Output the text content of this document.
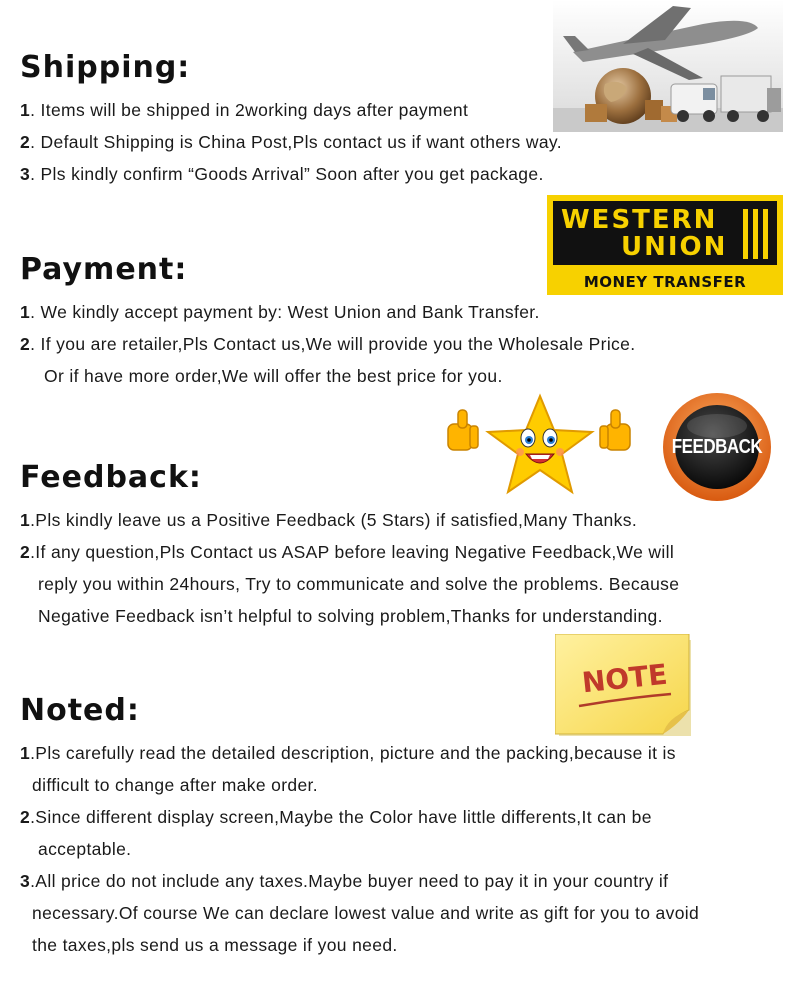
Shipping:

1. Items will be shipped in 2working days after payment

2. Default Shipping is China Post,Pls contact us if want others way.

3. Pls kindly confirm “Goods Arrival” Soon after you get package.

WESTERN
UNION
MONEY TRANSFER
Payment:

1. We kindly accept payment by: West Union and Bank Transfer.

2. If you are retailer,Pls Contact us,We will provide you the Wholesale Price.

Or if have more order,We will offer the best price for you.

FEEDBACK
Feedback:

1.Pls kindly leave us a Positive Feedback (5 Stars) if satisfied,Many Thanks.

2.If any question,Pls Contact us ASAP before leaving Negative Feedback,We will

reply you within 24hours, Try to communicate and solve the problems. Because

Negative Feedback isn’t helpful to solving problem,Thanks for understanding.

NOTE
Noted:

1.Pls carefully read the detailed description, picture and the packing,because it is

difficult to change after make order.

2.Since different display screen,Maybe the Color have little differents,It can be

acceptable.

3.All price do not include any taxes.Maybe buyer need to pay it in your country if

necessary.Of course We can declare lowest value and write as gift for you to avoid

the taxes,pls send us a message if you need.
